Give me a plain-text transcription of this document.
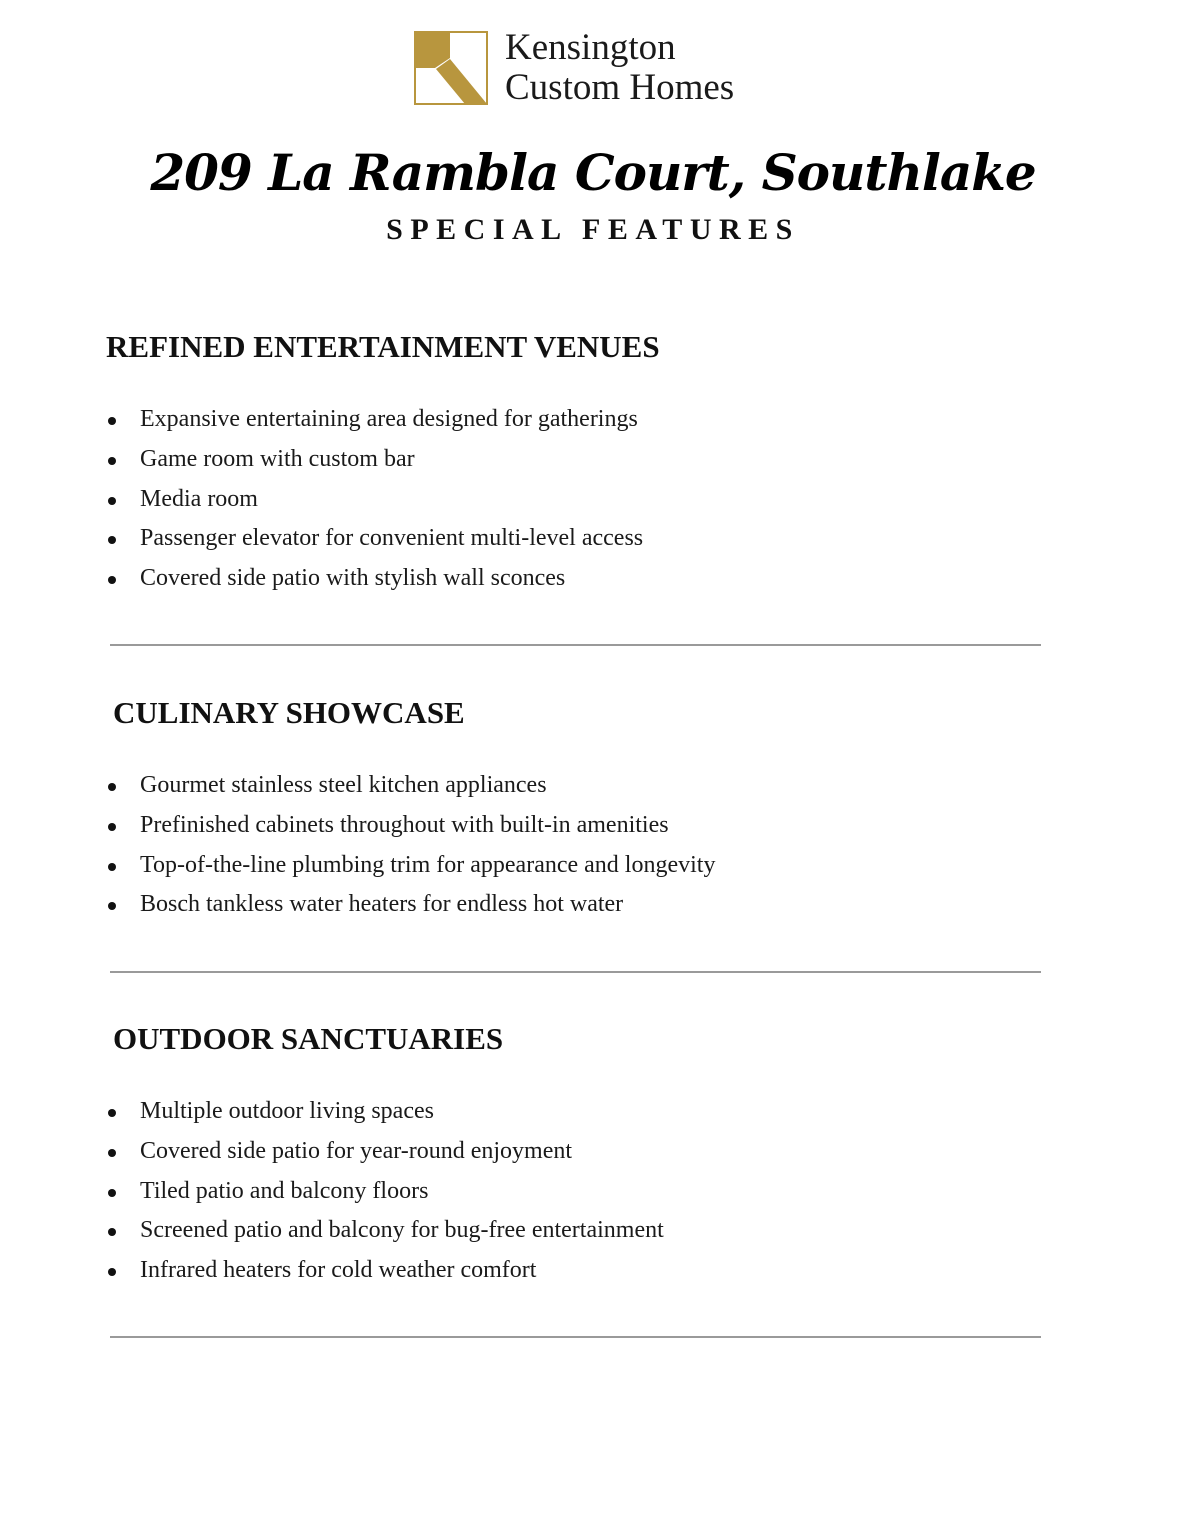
Kensington
Custom Homes
209 La Rambla Court, Southlake
SPECIAL FEATURES
REFINED ENTERTAINMENT VENUES
Expansive entertaining area designed for gatherings
Game room with custom bar
Media room
Passenger elevator for convenient multi-level access
Covered side patio with stylish wall sconces
CULINARY SHOWCASE
Gourmet stainless steel kitchen appliances
Prefinished cabinets throughout with built-in amenities
Top-of-the-line plumbing trim for appearance and longevity
Bosch tankless water heaters for endless hot water
OUTDOOR SANCTUARIES
Multiple outdoor living spaces
Covered side patio for year-round enjoyment
Tiled patio and balcony floors
Screened patio and balcony for bug-free entertainment
Infrared heaters for cold weather comfort
